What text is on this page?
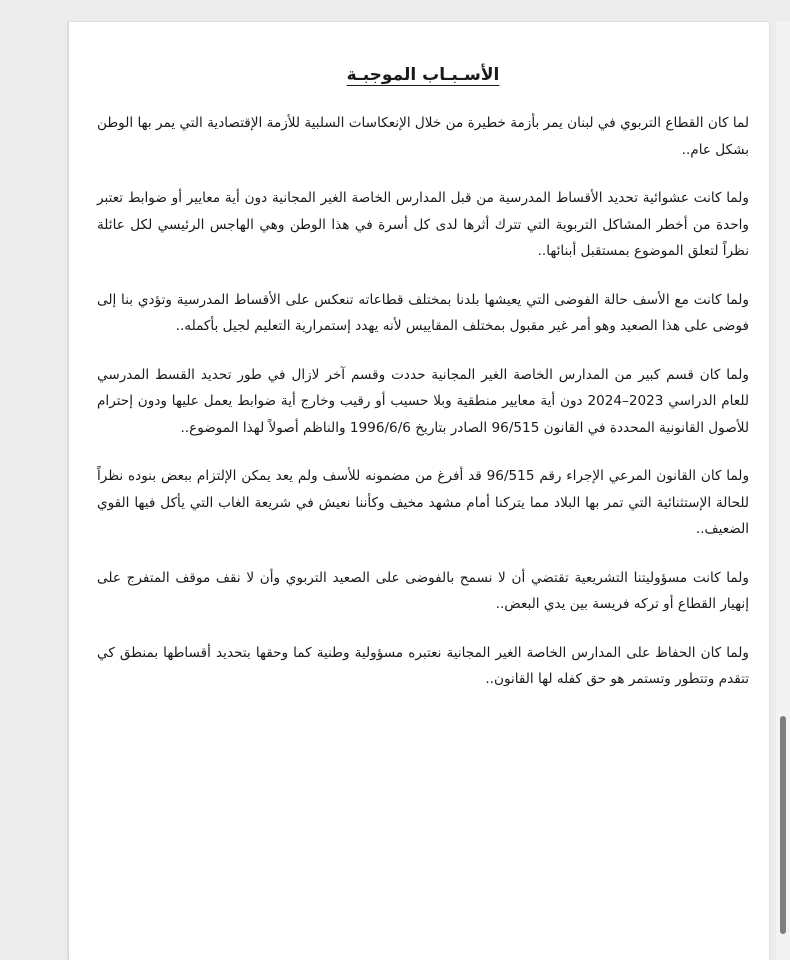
الأسـبـاب الموجبـة

لما كان القطاع التربوي في لبنان يمر بأزمة خطيرة من خلال الإنعكاسات السلبية للأزمة الإقتصادية التي يمر بها الوطن بشكل عام..

ولما كانت عشوائية تحديد الأقساط المدرسية من قبل المدارس الخاصة الغير المجانية دون أية معايير أو ضوابط تعتبر واحدة من أخطر المشاكل التربوية التي تترك أثرها لدى كل أسرة في هذا الوطن وهي الهاجس الرئيسي لكل عائلة نظراً لتعلق الموضوع بمستقبل أبنائها..

ولما كانت مع الأسف حالة الفوضى التي يعيشها بلدنا بمختلف قطاعاته تنعكس على الأقساط المدرسية وتؤدي بنا إلى فوضى على هذا الصعيد وهو أمر غير مقبول بمختلف المقاييس لأنه يهدد إستمرارية التعليم لجيل بأكمله..

ولما كان قسم كبير من المدارس الخاصة الغير المجانية حددت وقسم آخر لازال في طور تحديد القسط المدرسي للعام الدراسي 2023–2024 دون أية معايير منطقية وبلا حسيب أو رقيب وخارج أية ضوابط يعمل عليها ودون إحترام للأصول القانونية المحددة في القانون 96/515 الصادر بتاريخ 1996/6/6 والناظم أصولاً لهذا الموضوع..

ولما كان القانون المرعي الإجراء رقم 96/515 قد أفرغ من مضمونه للأسف ولم يعد يمكن الإلتزام ببعض بنوده نظراً للحالة الإستثنائية التي تمر بها البلاد مما يتركنا أمام مشهد مخيف وكأننا نعيش في شريعة الغاب التي يأكل فيها القوي الضعيف..

ولما كانت مسؤوليتنا التشريعية تقتضي أن لا نسمح بالفوضى على الصعيد التربوي وأن لا نقف موقف المتفرج على إنهيار القطاع أو تركه فريسة بين يدي البعض..

ولما كان الحفاظ على المدارس الخاصة الغير المجانية نعتبره مسؤولية وطنية كما وحقها بتحديد أقساطها بمنطق كي تتقدم وتتطور وتستمر هو حق كفله لها القانون..
